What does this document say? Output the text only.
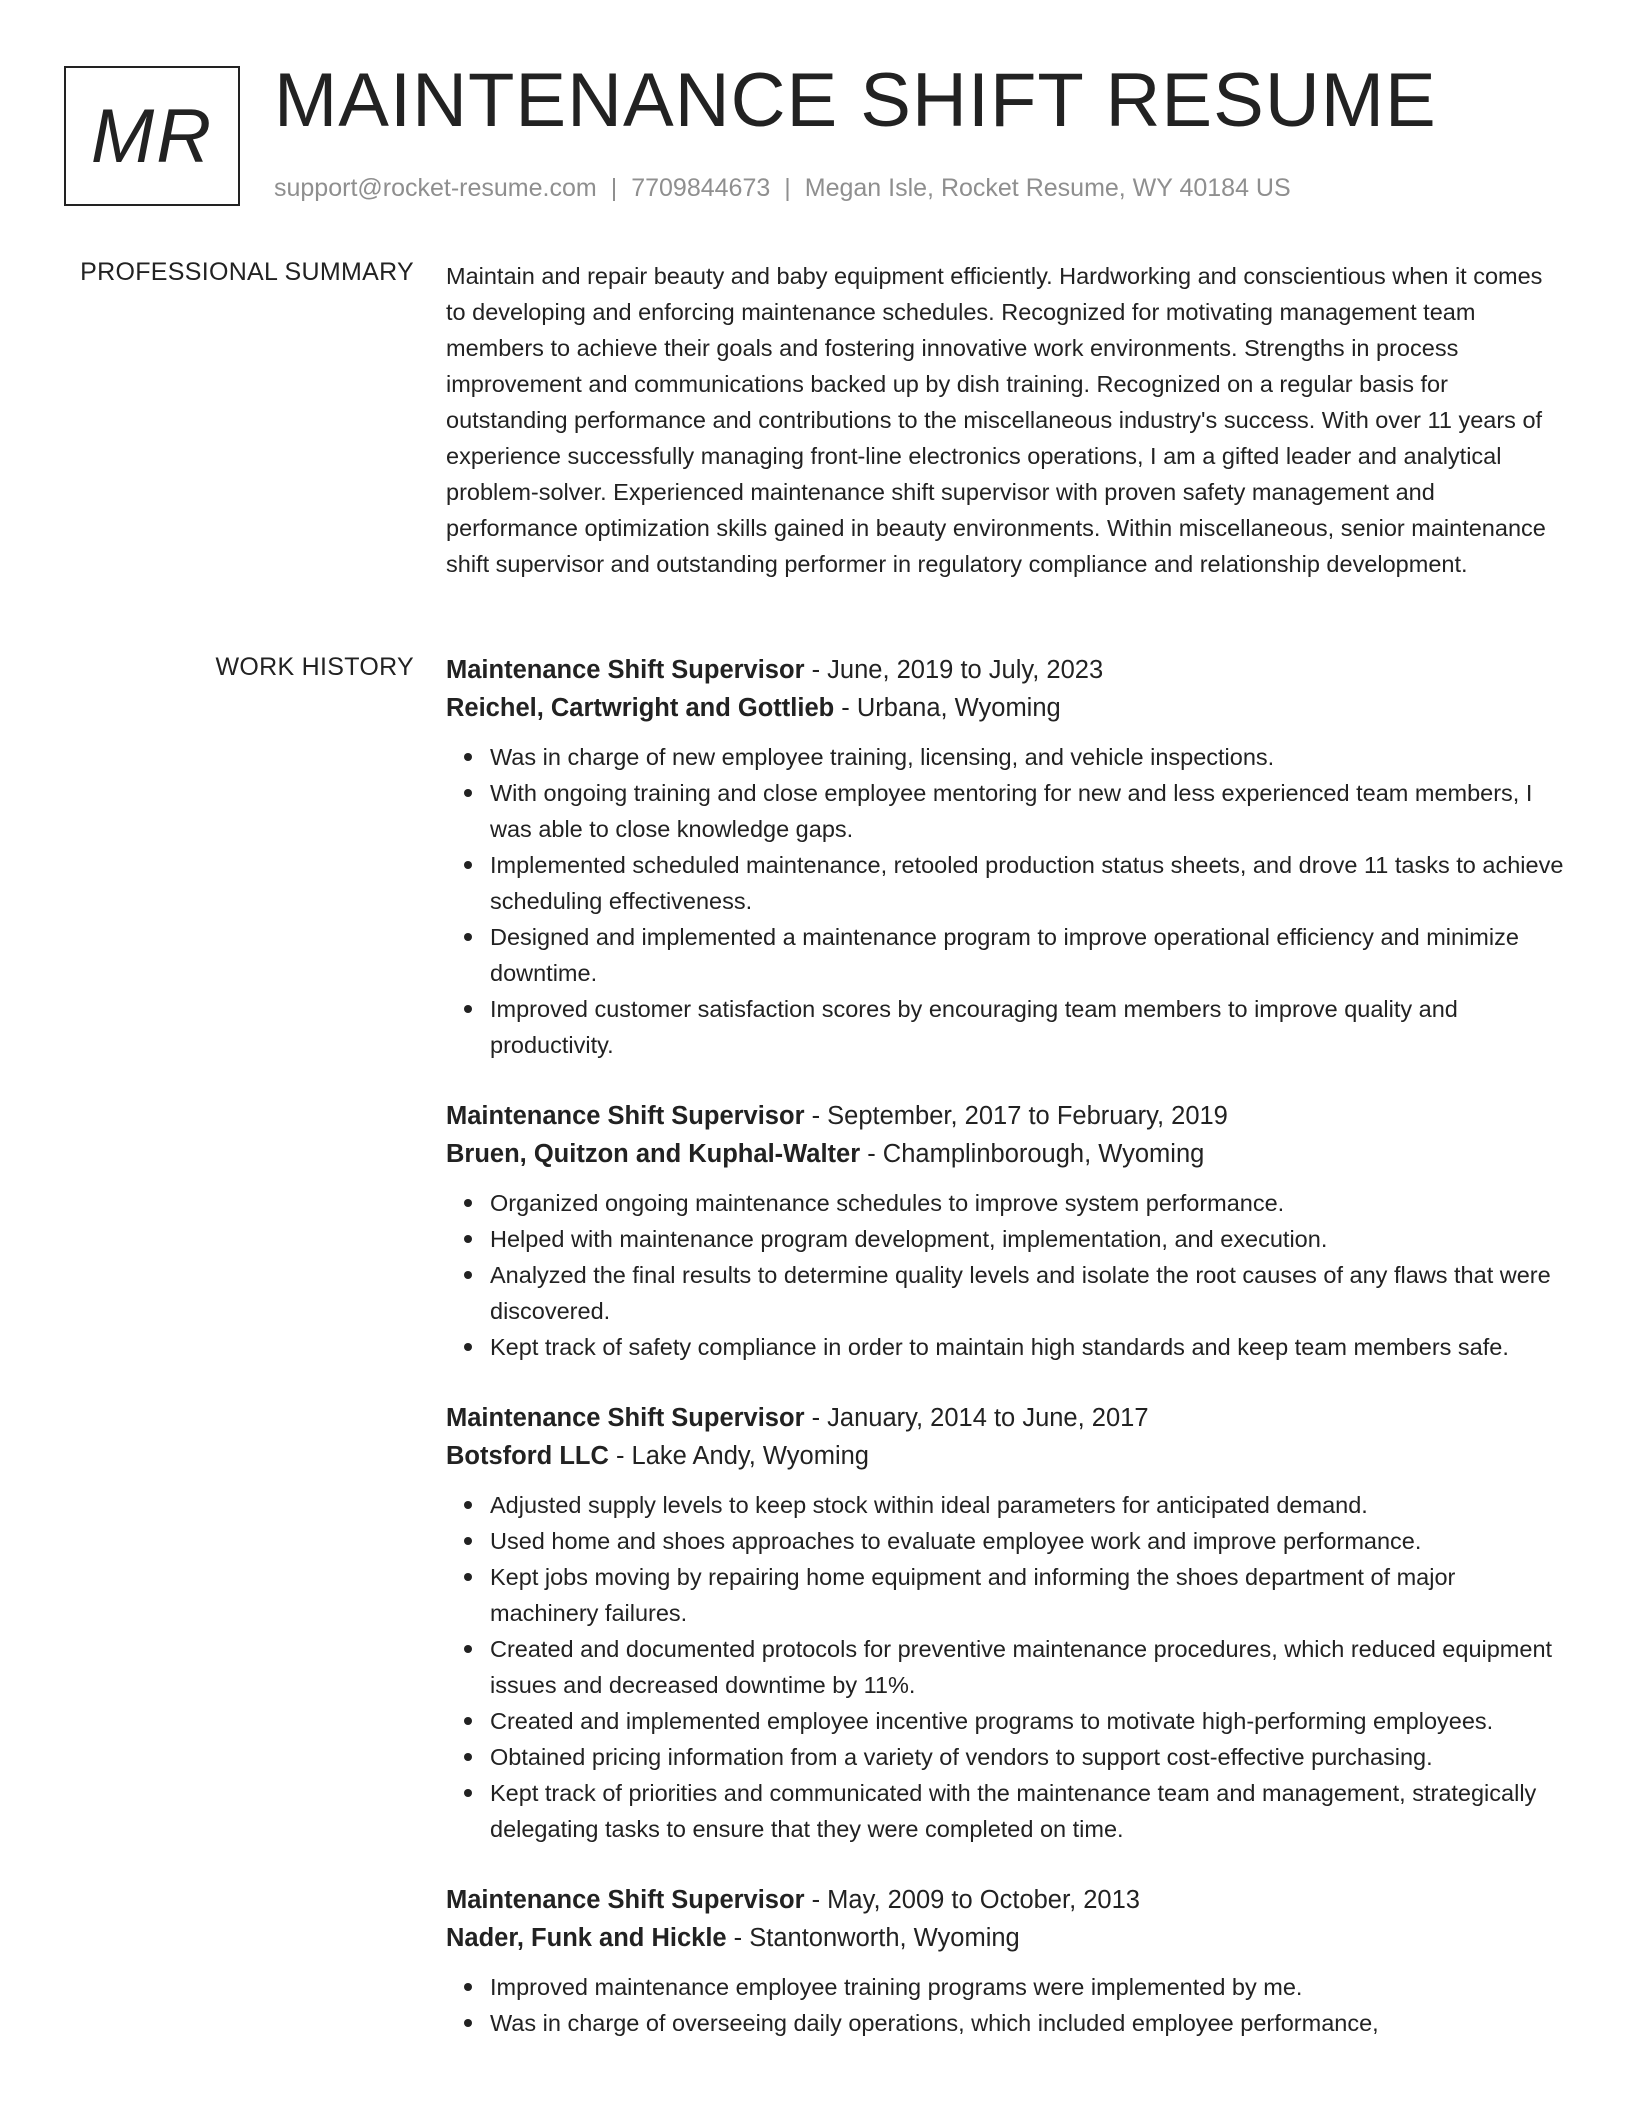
MR MAINTENANCE SHIFT RESUME
support@rocket-resume.com | 7709844673 | Megan Isle, Rocket Resume, WY 40184 US
PROFESSIONAL SUMMARY Maintain and repair beauty and baby equipment efficiently. Hardworking and conscientious when it comes to developing and enforcing maintenance schedules. Recognized for motivating management team members to achieve their goals and fostering innovative work environments. Strengths in process improvement and communications backed up by dish training. Recognized on a regular basis for outstanding performance and contributions to the miscellaneous industry's success. With over 11 years of experience successfully managing front-line electronics operations, I am a gifted leader and analytical problem-solver. Experienced maintenance shift supervisor with proven safety management and performance optimization skills gained in beauty environments. Within miscellaneous, senior maintenance shift supervisor and outstanding performer in regulatory compliance and relationship development.

WORK HISTORY Maintenance Shift Supervisor - June, 2019 to July, 2023
Reichel, Cartwright and Gottlieb - Urbana, Wyoming
Was in charge of new employee training, licensing, and vehicle inspections.
With ongoing training and close employee mentoring for new and less experienced team members, I was able to close knowledge gaps.
Implemented scheduled maintenance, retooled production status sheets, and drove 11 tasks to achieve scheduling effectiveness.
Designed and implemented a maintenance program to improve operational efficiency and minimize downtime.
Improved customer satisfaction scores by encouraging team members to improve quality and productivity.
Maintenance Shift Supervisor - September, 2017 to February, 2019
Bruen, Quitzon and Kuphal-Walter - Champlinborough, Wyoming
Organized ongoing maintenance schedules to improve system performance.
Helped with maintenance program development, implementation, and execution.
Analyzed the final results to determine quality levels and isolate the root causes of any flaws that were discovered.
Kept track of safety compliance in order to maintain high standards and keep team members safe.
Maintenance Shift Supervisor - January, 2014 to June, 2017
Botsford LLC - Lake Andy, Wyoming
Adjusted supply levels to keep stock within ideal parameters for anticipated demand.
Used home and shoes approaches to evaluate employee work and improve performance.
Kept jobs moving by repairing home equipment and informing the shoes department of major machinery failures.
Created and documented protocols for preventive maintenance procedures, which reduced equipment issues and decreased downtime by 11%.
Created and implemented employee incentive programs to motivate high-performing employees.
Obtained pricing information from a variety of vendors to support cost-effective purchasing.
Kept track of priorities and communicated with the maintenance team and management, strategically delegating tasks to ensure that they were completed on time.
Maintenance Shift Supervisor - May, 2009 to October, 2013
Nader, Funk and Hickle - Stantonworth, Wyoming
Improved maintenance employee training programs were implemented by me.
Was in charge of overseeing daily operations, which included employee performance,
